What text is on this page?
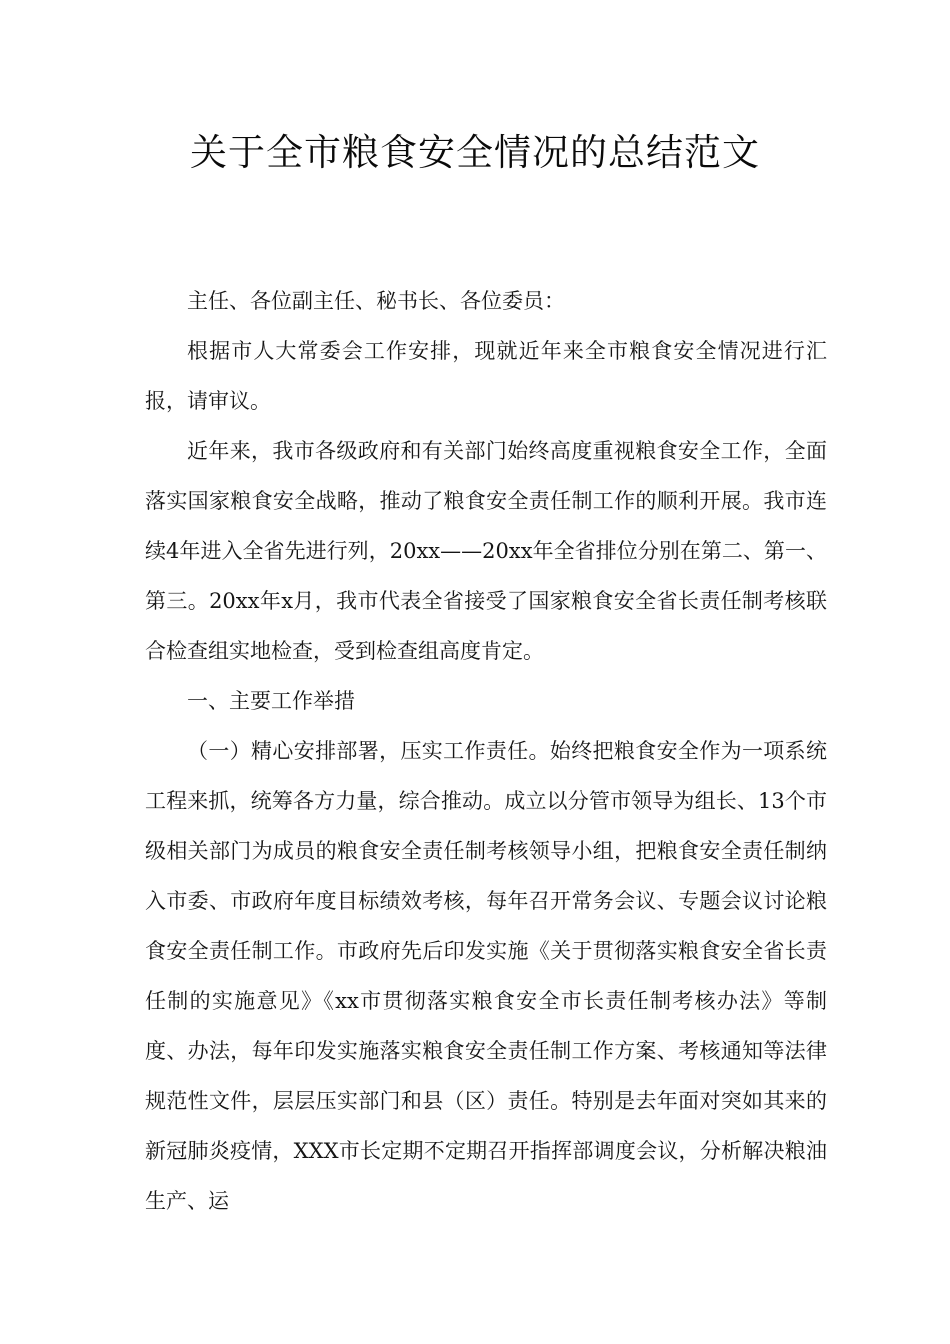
关于全市粮食安全情况的总结范文

主任、各位副主任、秘书长、各位委员：

根据市人大常委会工作安排，现就近年来全市粮食安全情况进行汇报，请审议。

近年来，我市各级政府和有关部门始终高度重视粮食安全工作，全面落实国家粮食安全战略，推动了粮食安全责任制工作的顺利开展。我市连续4年进入全省先进行列，20xx——20xx年全省排位分别在第二、第一、第三。20xx年x月，我市代表全省接受了国家粮食安全省长责任制考核联合检查组实地检查，受到检查组高度肯定。

一、主要工作举措

（一）精心安排部署，压实工作责任。始终把粮食安全作为一项系统工程来抓，统筹各方力量，综合推动。成立以分管市领导为组长、13个市级相关部门为成员的粮食安全责任制考核领导小组，把粮食安全责任制纳入市委、市政府年度目标绩效考核，每年召开常务会议、专题会议讨论粮食安全责任制工作。市政府先后印发实施《关于贯彻落实粮食安全省长责任制的实施意见》《xx市贯彻落实粮食安全市长责任制考核办法》等制度、办法，每年印发实施落实粮食安全责任制工作方案、考核通知等法律规范性文件，层层压实部门和县（区）责任。特别是去年面对突如其来的新冠肺炎疫情，XXX市长定期不定期召开指挥部调度会议，分析解决粮油生产、运
